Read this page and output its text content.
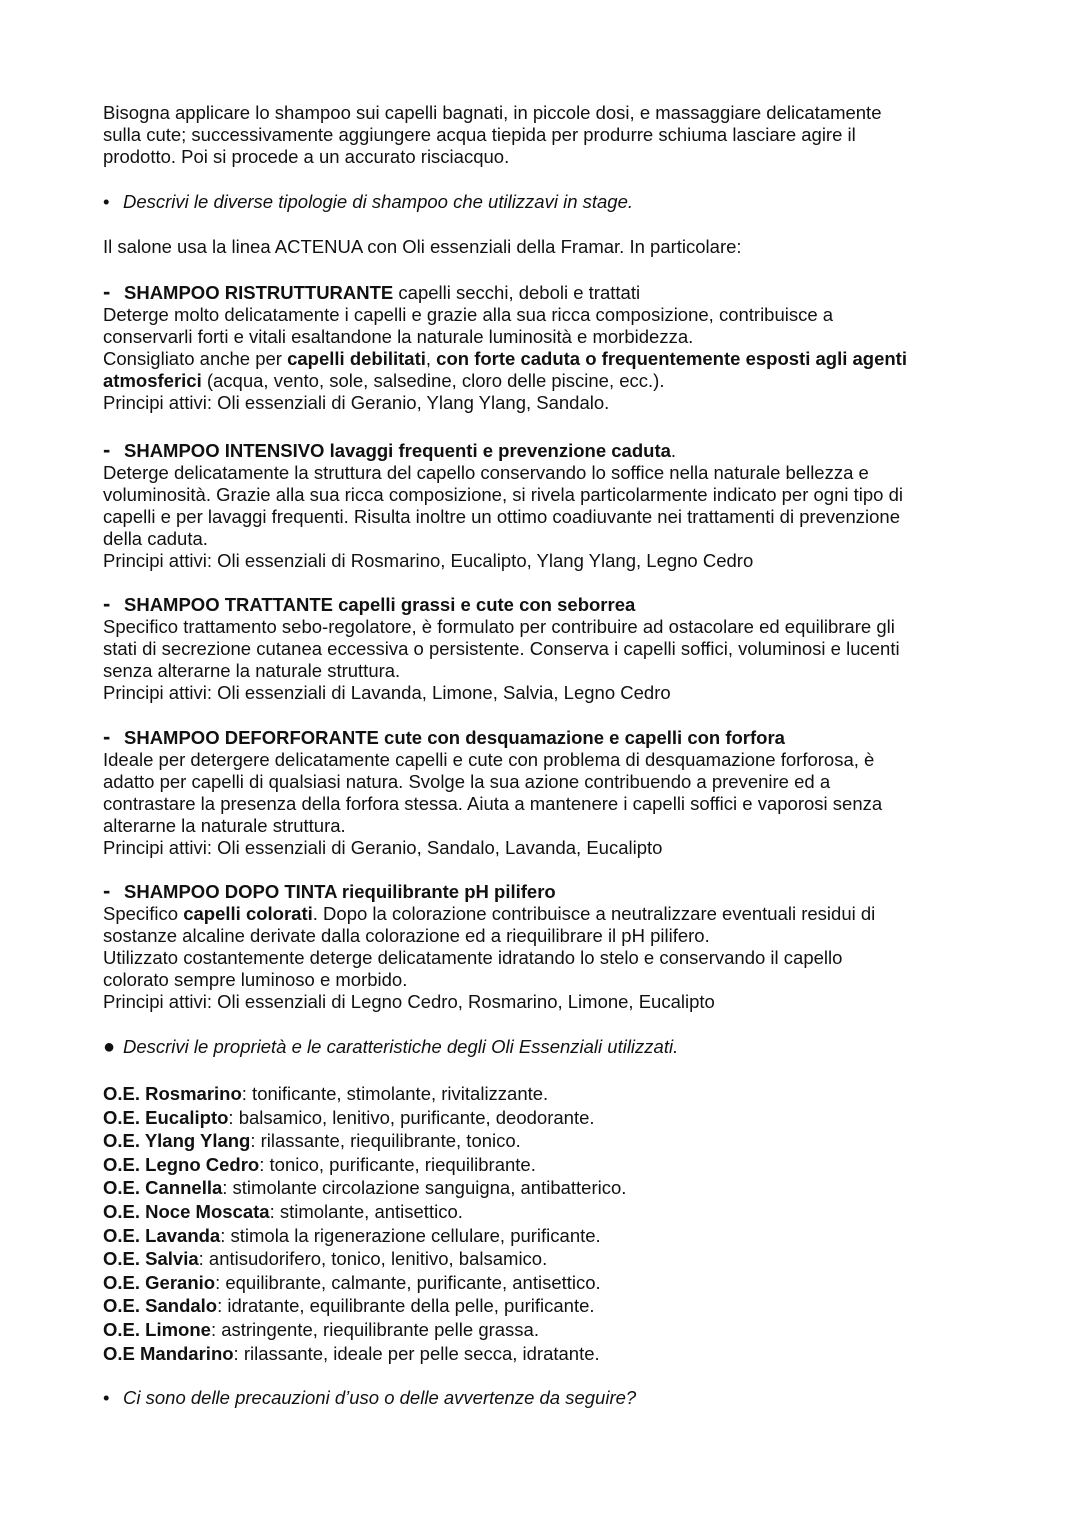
Bisogna applicare lo shampoo sui capelli bagnati, in piccole dosi, e massaggiare delicatamente

sulla cute; successivamente aggiungere acqua tiepida per produrre schiuma lasciare agire il

prodotto. Poi si procede a un accurato risciacquo.

• Descrivi le diverse tipologie di shampoo che utilizzavi in stage.

Il salone usa la linea ACTENUA con Oli essenziali della Framar. In particolare:

- SHAMPOO RISTRUTTURANTE capelli secchi, deboli e trattati

Deterge molto delicatamente i capelli e grazie alla sua ricca composizione, contribuisce a

conservarli forti e vitali esaltandone la naturale luminosità e morbidezza.

Consigliato anche per capelli debilitati, con forte caduta o frequentemente esposti agli agenti

atmosferici (acqua, vento, sole, salsedine, cloro delle piscine, ecc.).

Principi attivi: Oli essenziali di Geranio, Ylang Ylang, Sandalo.

- SHAMPOO INTENSIVO lavaggi frequenti e prevenzione caduta.

Deterge delicatamente la struttura del capello conservando lo soffice nella naturale bellezza e

voluminosità. Grazie alla sua ricca composizione, si rivela particolarmente indicato per ogni tipo di

capelli e per lavaggi frequenti. Risulta inoltre un ottimo coadiuvante nei trattamenti di prevenzione

della caduta.

Principi attivi: Oli essenziali di Rosmarino, Eucalipto, Ylang Ylang, Legno Cedro

- SHAMPOO TRATTANTE capelli grassi e cute con seborrea

Specifico trattamento sebo-regolatore, è formulato per contribuire ad ostacolare ed equilibrare gli

stati di secrezione cutanea eccessiva o persistente. Conserva i capelli soffici, voluminosi e lucenti

senza alterarne la naturale struttura.

Principi attivi: Oli essenziali di Lavanda, Limone, Salvia, Legno Cedro

- SHAMPOO DEFORFORANTE cute con desquamazione e capelli con forfora

Ideale per detergere delicatamente capelli e cute con problema di desquamazione forforosa, è

adatto per capelli di qualsiasi natura. Svolge la sua azione contribuendo a prevenire ed a

contrastare la presenza della forfora stessa. Aiuta a mantenere i capelli soffici e vaporosi senza

alterarne la naturale struttura.

Principi attivi: Oli essenziali di Geranio, Sandalo, Lavanda, Eucalipto

- SHAMPOO DOPO TINTA riequilibrante pH pilifero

Specifico capelli colorati. Dopo la colorazione contribuisce a neutralizzare eventuali residui di

sostanze alcaline derivate dalla colorazione ed a riequilibrare il pH pilifero.

Utilizzato costantemente deterge delicatamente idratando lo stelo e conservando il capello

colorato sempre luminoso e morbido.

Principi attivi: Oli essenziali di Legno Cedro, Rosmarino, Limone, Eucalipto

● Descrivi le proprietà e le caratteristiche degli Oli Essenziali utilizzati.

O.E. Rosmarino: tonificante, stimolante, rivitalizzante.

O.E. Eucalipto: balsamico, lenitivo, purificante, deodorante.

O.E. Ylang Ylang: rilassante, riequilibrante, tonico.

O.E. Legno Cedro: tonico, purificante, riequilibrante.

O.E. Cannella: stimolante circolazione sanguigna, antibatterico.

O.E. Noce Moscata: stimolante, antisettico.

O.E. Lavanda: stimola la rigenerazione cellulare, purificante.

O.E. Salvia: antisudorifero, tonico, lenitivo, balsamico.

O.E. Geranio: equilibrante, calmante, purificante, antisettico.

O.E. Sandalo: idratante, equilibrante della pelle, purificante.

O.E. Limone: astringente, riequilibrante pelle grassa.

O.E Mandarino: rilassante, ideale per pelle secca, idratante.

• Ci sono delle precauzioni d’uso o delle avvertenze da seguire?
